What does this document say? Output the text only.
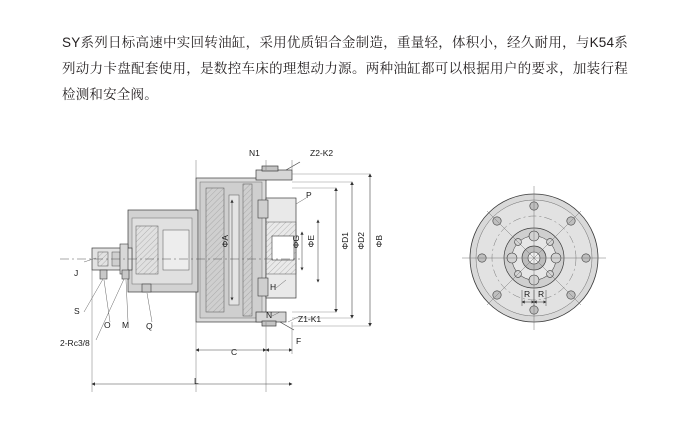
SY系列日标高速中实回转油缸，采用优质铝合金制造，重量轻，体积小，经久耐用，与K54系列动力卡盘配套使用，是数控车床的理想动力源。两种油缸都可以根据用户的要求，加装行程检测和安全阀。
N1	Z2-K2
P
ΦA	ΦG ΦE	ΦD1 ΦD2 ΦB
J
H
S	N	Z1-K1
O M Q
2-Rc3/8	F
C
L
R R
